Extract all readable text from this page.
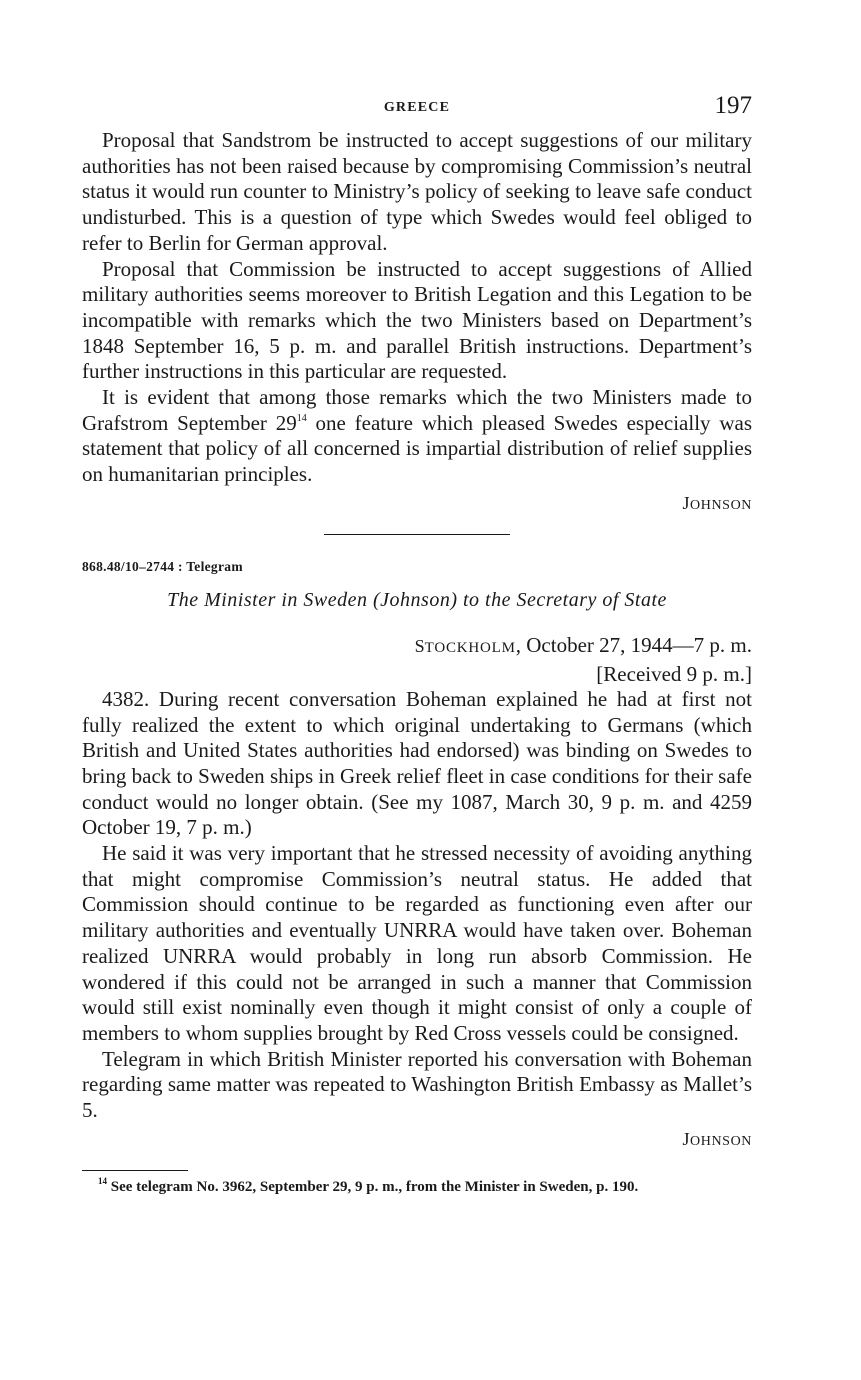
GREECE	197

Proposal that Sandstrom be instructed to accept suggestions of our military authorities has not been raised because by compromising Commission’s neutral status it would run counter to Ministry’s policy of seeking to leave safe conduct undisturbed. This is a question of type which Swedes would feel obliged to refer to Berlin for German approval.

Proposal that Commission be instructed to accept suggestions of Allied military authorities seems moreover to British Legation and this Legation to be incompatible with remarks which the two Ministers based on Department’s 1848 September 16, 5 p. m. and parallel British instructions. Department’s further instructions in this particular are requested.

It is evident that among those remarks which the two Ministers made to Grafstrom September 29$^{14}$ one feature which pleased Swedes especially was statement that policy of all concerned is impartial distribution of relief supplies on humanitarian principles.

JOHNSON
868.48/10–2744 : Telegram
The Minister in Sweden (Johnson) to the Secretary of State
STOCKHOLM, October 27, 1944—7 p. m.
[Received 9 p. m.]

4382. During recent conversation Boheman explained he had at first not fully realized the extent to which original undertaking to Germans (which British and United States authorities had endorsed) was binding on Swedes to bring back to Sweden ships in Greek relief fleet in case conditions for their safe conduct would no longer obtain. (See my 1087, March 30, 9 p. m. and 4259 October 19, 7 p. m.)

He said it was very important that he stressed necessity of avoiding anything that might compromise Commission’s neutral status. He added that Commission should continue to be regarded as functioning even after our military authorities and eventually UNRRA would have taken over. Boheman realized UNRRA would probably in long run absorb Commission. He wondered if this could not be arranged in such a manner that Commission would still exist nominally even though it might consist of only a couple of members to whom supplies brought by Red Cross vessels could be consigned.

Telegram in which British Minister reported his conversation with Boheman regarding same matter was repeated to Washington British Embassy as Mallet’s 5.

JOHNSON
$^{14}$ See telegram No. 3962, September 29, 9 p. m., from the Minister in Sweden, p. 190.
